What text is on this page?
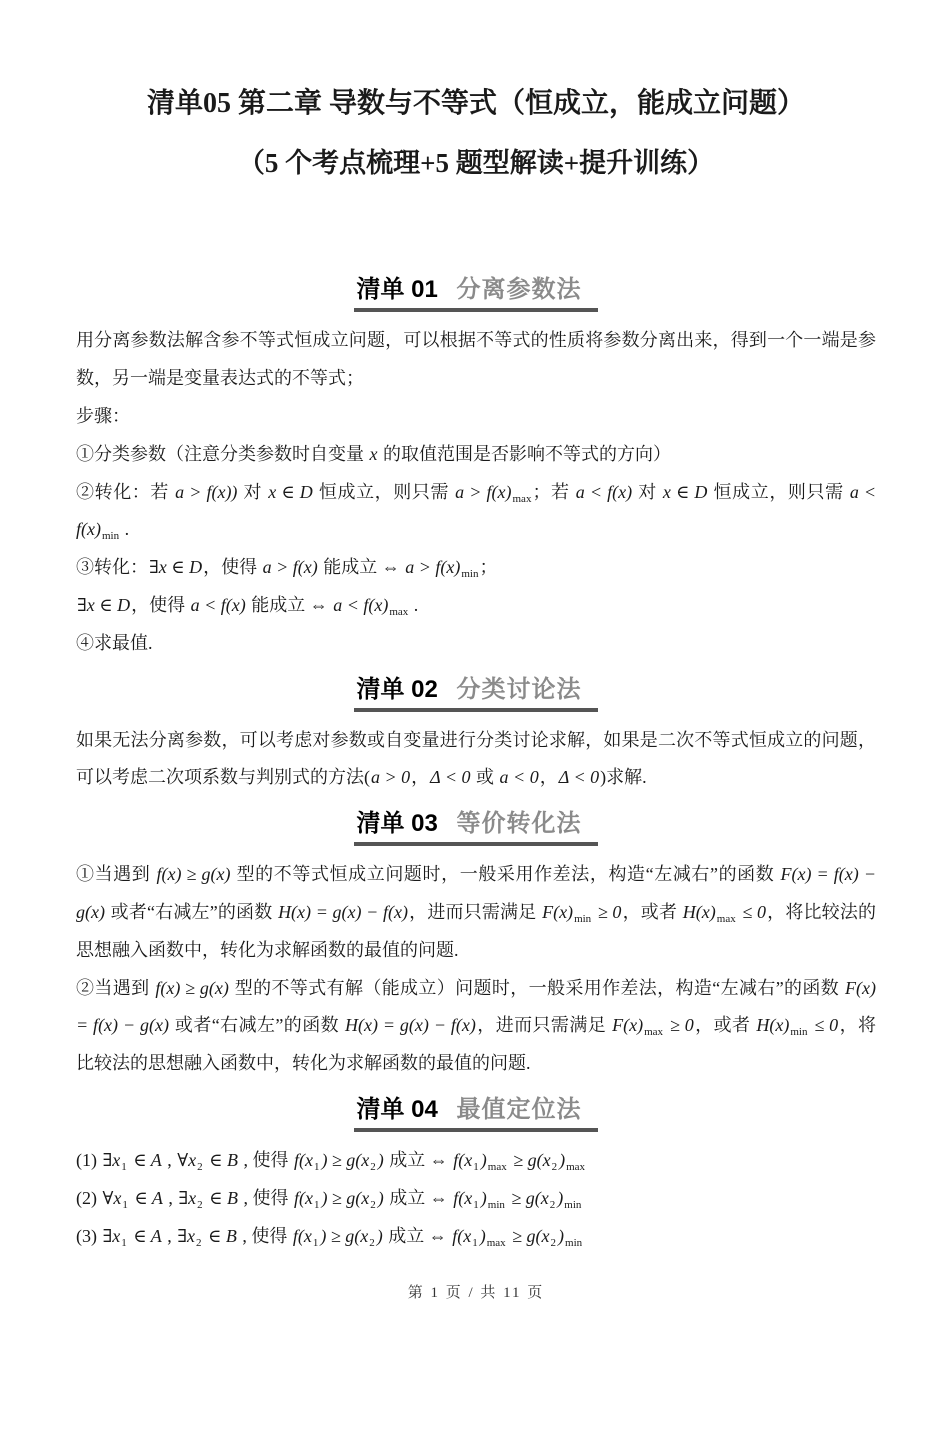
清单05 第二章 导数与不等式（恒成立，能成立问题）
（5 个考点梳理+5 题型解读+提升训练）
清单 01 分离参数法

用分离参数法解含参不等式恒成立问题，可以根据不等式的性质将参数分离出来，得到一个一端是参数，另一端是变量表达式的不等式；

步骤：

①分类参数（注意分类参数时自变量 x 的取值范围是否影响不等式的方向）

②转化：若 a > f(x)) 对 x ∈ D 恒成立，则只需 $a > f(x)_{max}$；若 a < f(x) 对 x ∈ D 恒成立，则只需 $a < f(x)_{min}$ .

③转化：∃x ∈ D，使得 a > f(x) 能成立 ⇔ $a > f(x)_{min}$；

∃x ∈ D，使得 a < f(x) 能成立 ⇔ $a < f(x)_{max}$ .

④求最值.

清单 02 分类讨论法

如果无法分离参数，可以考虑对参数或自变量进行分类讨论求解，如果是二次不等式恒成立的问题，可以考虑二次项系数与判别式的方法(a > 0，Δ < 0 或 a < 0，Δ < 0)求解.

清单 03 等价转化法

①当遇到 f(x) ≥ g(x) 型的不等式恒成立问题时，一般采用作差法，构造“左减右”的函数 F(x) = f(x) − g(x) 或者“右减左”的函数 H(x) = g(x) − f(x)，进而只需满足 $F(x)_{min} \ge 0$，或者 $H(x)_{max} \le 0$，将比较法的思想融入函数中，转化为求解函数的最值的问题.

②当遇到 f(x) ≥ g(x) 型的不等式有解（能成立）问题时，一般采用作差法，构造“左减右”的函数 F(x) = f(x) − g(x) 或者“右减左”的函数 H(x) = g(x) − f(x)，进而只需满足 $F(x)_{max} \ge 0$，或者 $H(x)_{min} \le 0$，将比较法的思想融入函数中，转化为求解函数的最值的问题.

清单 04 最值定位法

(1) $\exists x_1$ ∈ A , $\forall x_2$ ∈ B , 使得 $f(x_1$ ) ≥ $g(x_2$ ) 成立 ⇔ $f(x_1$ )$_{max} \ge g(x_2$ )$_{max}$

(2) $\forall x_1$ ∈ A , $\exists x_2$ ∈ B , 使得 $f(x_1$ ) ≥ $g(x_2$ ) 成立 ⇔ $f(x_1$ )$_{min} \ge g(x_2$ )$_{min}$

(3) $\exists x_1$ ∈ A , $\exists x_2$ ∈ B , 使得 $f(x_1$ ) ≥ $g(x_2$ ) 成立 ⇔ $f(x_1$ )$_{max} \ge g(x_2$ )$_{min}$

第 1 页 / 共 11 页
